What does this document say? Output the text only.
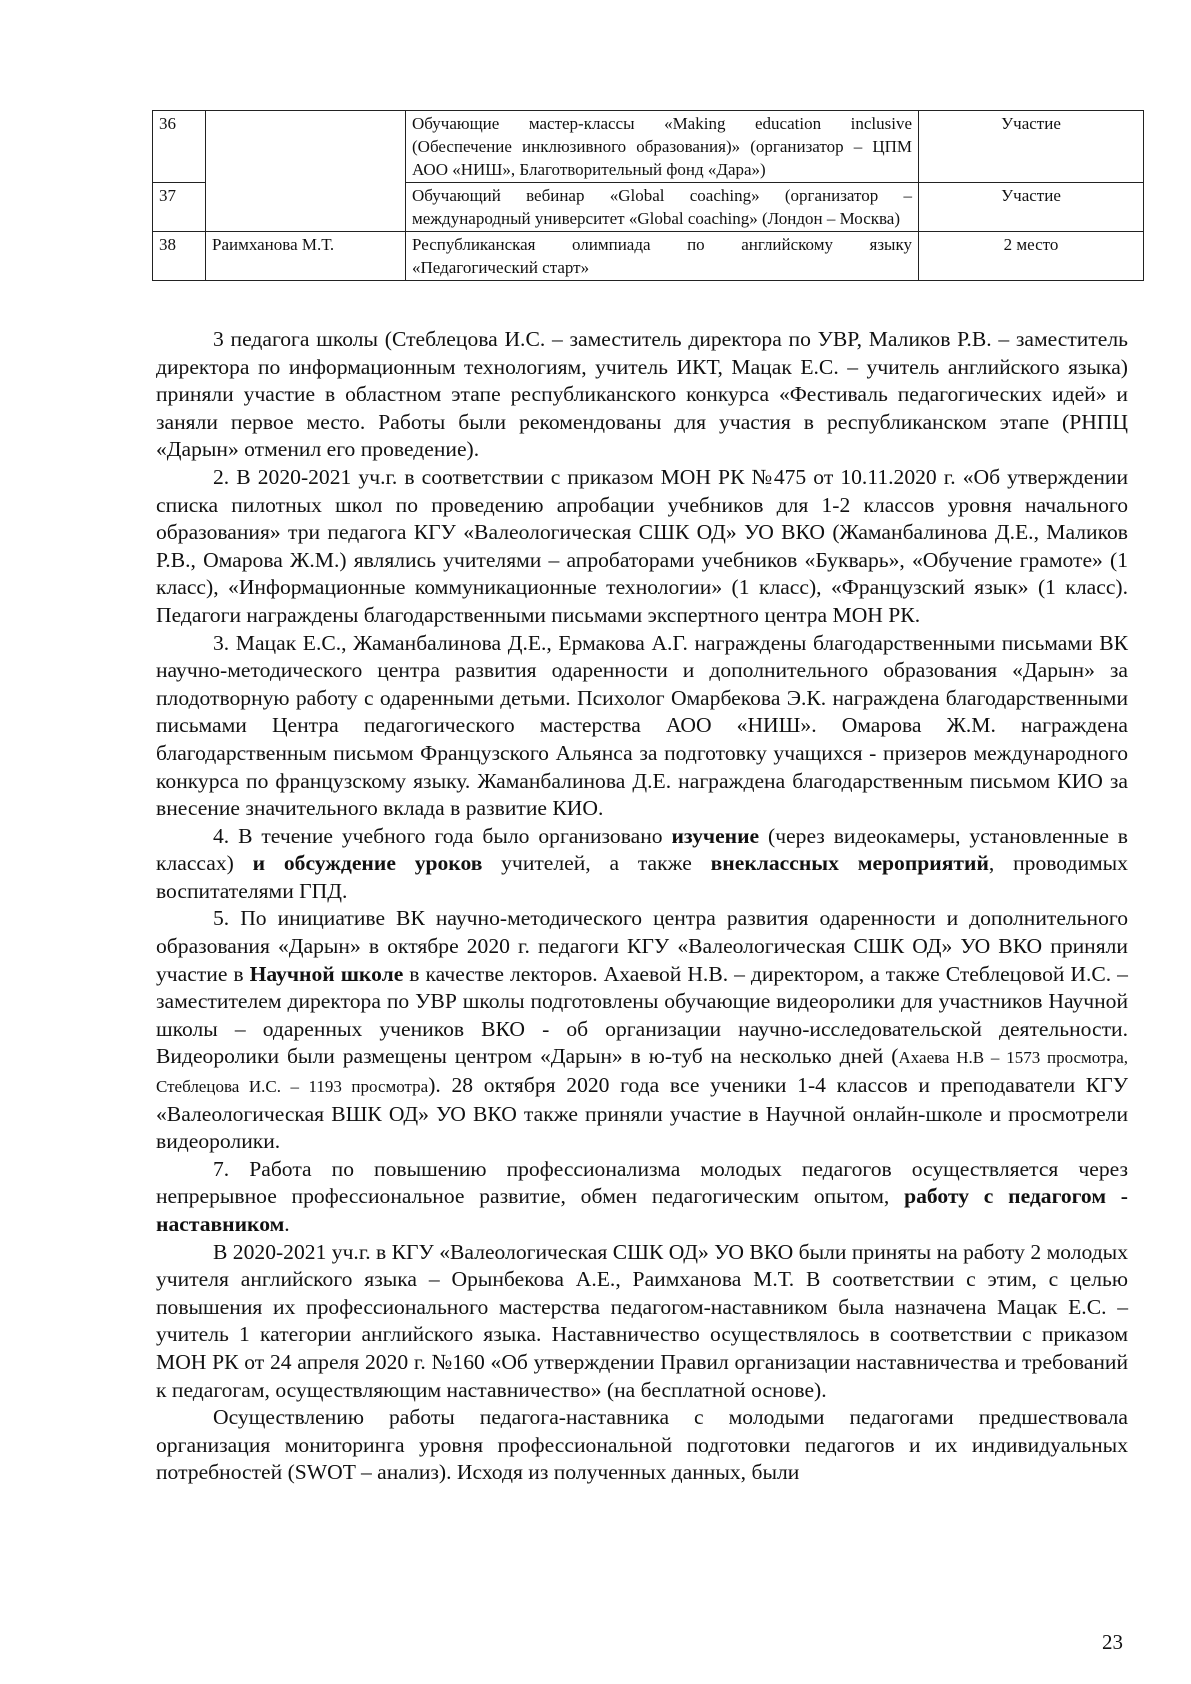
36		Обучающие мастер-классы «Making education inclusive (Обеспечение инклюзивного образования)» (организатор – ЦПМ АОО «НИШ», Благотворительный фонд «Дара»)	Участие
37		Обучающий вебинар «Global coaching» (организатор – международный университет «Global coaching» (Лондон – Москва)	Участие
38	Раимханова М.Т.	Республиканская олимпиада по английскому языку «Педагогический старт»	2 место

3 педагога школы (Стеблецова И.С. – заместитель директора по УВР, Маликов Р.В. – заместитель директора по информационным технологиям, учитель ИКТ, Мацак Е.С. – учитель английского языка) приняли участие в областном этапе республиканского конкурса «Фестиваль педагогических идей» и заняли первое место. Работы были рекомендованы для участия в республиканском этапе (РНПЦ «Дарын» отменил его проведение).

2. В 2020-2021 уч.г. в соответствии с приказом МОН РК №475 от 10.11.2020 г. «Об утверждении списка пилотных школ по проведению апробации учебников для 1-2 классов уровня начального образования» три педагога КГУ «Валеологическая СШК ОД» УО ВКО (Жаманбалинова Д.Е., Маликов Р.В., Омарова Ж.М.) являлись учителями – апробаторами учебников «Букварь», «Обучение грамоте» (1 класс), «Информационные коммуникационные технологии» (1 класс), «Французский язык» (1 класс). Педагоги награждены благодарственными письмами экспертного центра МОН РК.

3. Мацак Е.С., Жаманбалинова Д.Е., Ермакова А.Г. награждены благодарственными письмами ВК научно-методического центра развития одаренности и дополнительного образования «Дарын» за плодотворную работу с одаренными детьми. Психолог Омарбекова Э.К. награждена благодарственными письмами Центра педагогического мастерства АОО «НИШ». Омарова Ж.М. награждена благодарственным письмом Французского Альянса за подготовку учащихся - призеров международного конкурса по французскому языку. Жаманбалинова Д.Е. награждена благодарственным письмом КИО за внесение значительного вклада в развитие КИО.

4. В течение учебного года было организовано изучение (через видеокамеры, установленные в классах) и обсуждение уроков учителей, а также внеклассных мероприятий, проводимых воспитателями ГПД.

5. По инициативе ВК научно-методического центра развития одаренности и дополнительного образования «Дарын» в октябре 2020 г. педагоги КГУ «Валеологическая СШК ОД» УО ВКО приняли участие в Научной школе в качестве лекторов. Ахаевой Н.В. – директором, а также Стеблецовой И.С. – заместителем директора по УВР школы подготовлены обучающие видеоролики для участников Научной школы – одаренных учеников ВКО - об организации научно-исследовательской деятельности. Видеоролики были размещены центром «Дарын» в ю-туб на несколько дней (Ахаева Н.В – 1573 просмотра, Стеблецова И.С. – 1193 просмотра). 28 октября 2020 года все ученики 1-4 классов и преподаватели КГУ «Валеологическая ВШК ОД» УО ВКО также приняли участие в Научной онлайн-школе и просмотрели видеоролики.

7. Работа по повышению профессионализма молодых педагогов осуществляется через непрерывное профессиональное развитие, обмен педагогическим опытом, работу с педагогом - наставником.

В 2020-2021 уч.г. в КГУ «Валеологическая СШК ОД» УО ВКО были приняты на работу 2 молодых учителя английского языка – Орынбекова А.Е., Раимханова М.Т. В соответствии с этим, с целью повышения их профессионального мастерства педагогом-наставником была назначена Мацак Е.С. – учитель 1 категории английского языка. Наставничество осуществлялось в соответствии с приказом МОН РК от 24 апреля 2020 г. №160 «Об утверждении Правил организации наставничества и требований к педагогам, осуществляющим наставничество» (на бесплатной основе).

Осуществлению работы педагога-наставника с молодыми педагогами предшествовала организация мониторинга уровня профессиональной подготовки педагогов и их индивидуальных потребностей (SWOT – анализ). Исходя из полученных данных, были

23
